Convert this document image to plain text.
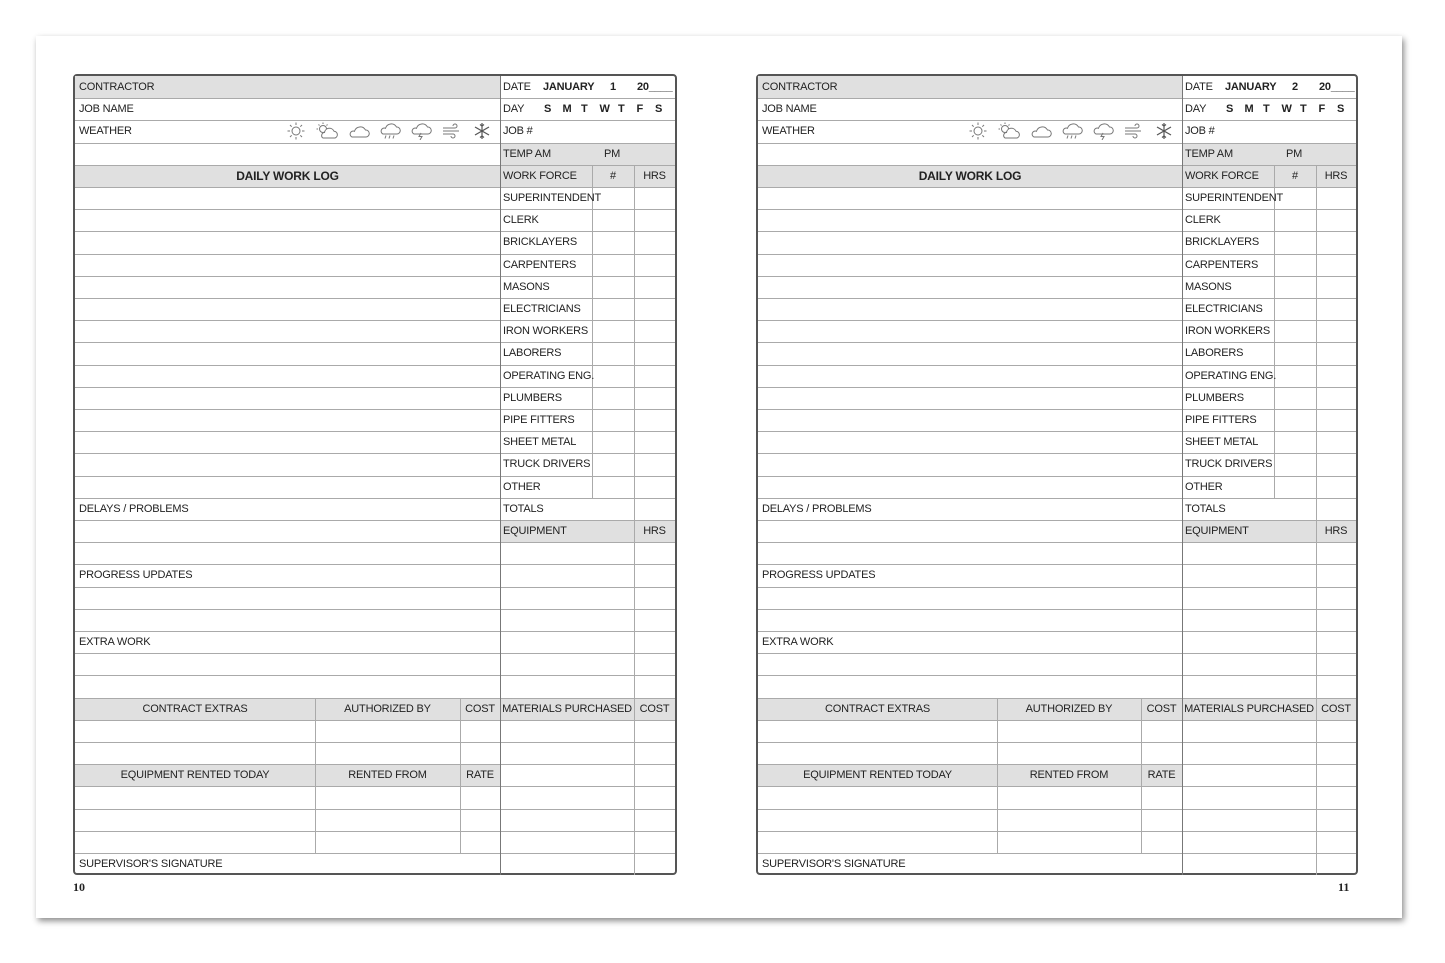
CONTRACTOR
JOB NAME
WEATHER
DATE JANUARY 1 20____
DAY S M T W T F S
JOB #
TEMP AM	PM
DAILY WORK LOG	WORK FORCE	#	HRS
SUPERINTENDENT
CLERK
BRICKLAYERS
CARPENTERS
MASONS
ELECTRICIANS
IRON WORKERS
LABORERS
OPERATING ENG.
PLUMBERS
PIPE FITTERS
SHEET METAL
TRUCK DRIVERS
OTHER
TOTALS
DELAYS / PROBLEMS
EQUIPMENT	HRS
PROGRESS UPDATES
EXTRA WORK
CONTRACT EXTRAS	AUTHORIZED BY	COST MATERIALS PURCHASED COST
EQUIPMENT RENTED TODAY	RENTED FROM	RATE
SUPERVISOR'S SIGNATURE
CONTRACTOR
JOB NAME
WEATHER
DATE JANUARY 2 20____
DAY S M T W T F S
JOB #
TEMP AM	PM
DAILY WORK LOG	WORK FORCE	#	HRS
SUPERINTENDENT
CLERK
BRICKLAYERS
CARPENTERS
MASONS
ELECTRICIANS
IRON WORKERS
LABORERS
OPERATING ENG.
PLUMBERS
PIPE FITTERS
SHEET METAL
TRUCK DRIVERS
OTHER
TOTALS
DELAYS / PROBLEMS
EQUIPMENT	HRS
PROGRESS UPDATES
EXTRA WORK
CONTRACT EXTRAS	AUTHORIZED BY	COST MATERIALS PURCHASED COST
EQUIPMENT RENTED TODAY	RENTED FROM	RATE
SUPERVISOR'S SIGNATURE
10	11
